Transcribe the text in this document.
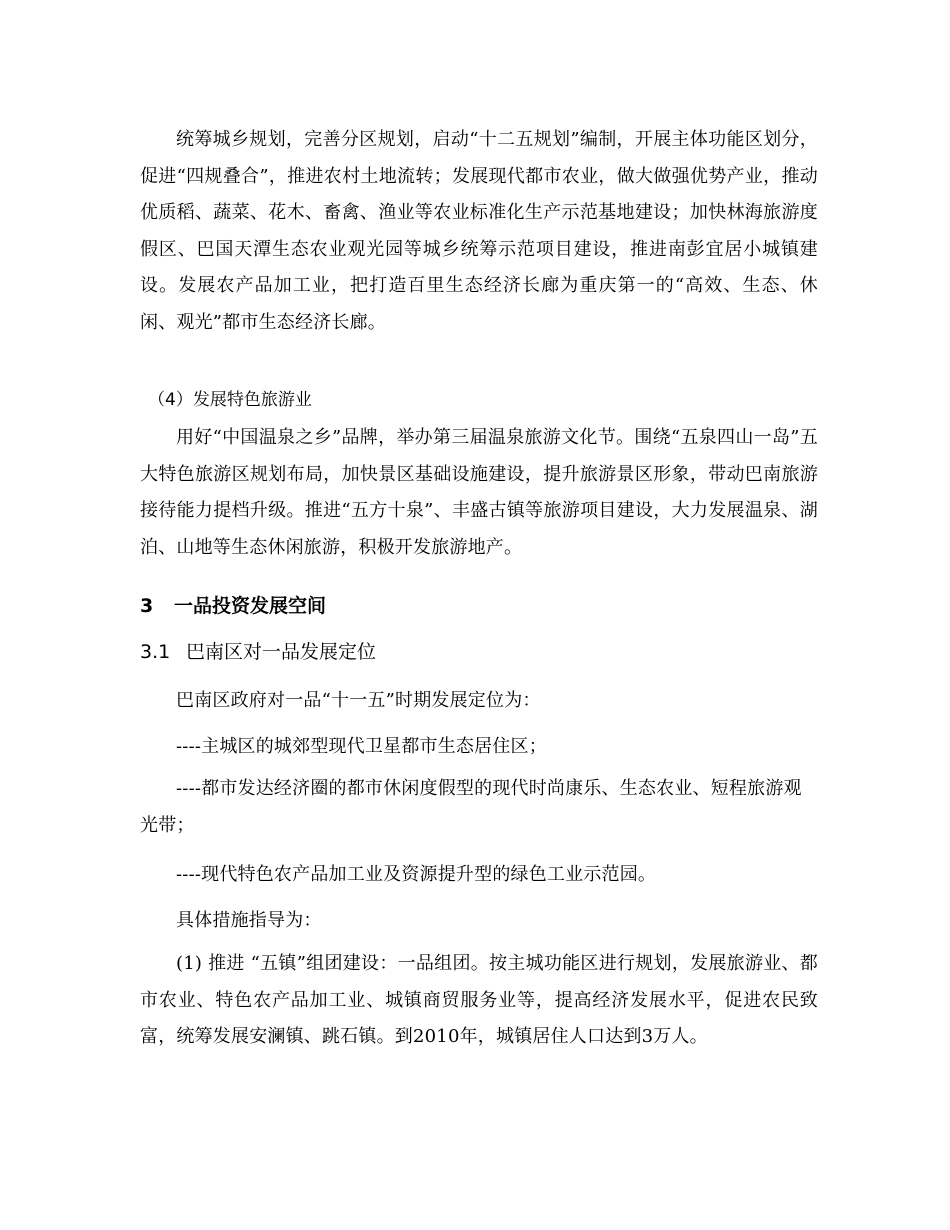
统筹城乡规划，完善分区规划，启动“十二五规划”编制，开展主体功能区划分，促进“四规叠合”，推进农村土地流转；发展现代都市农业，做大做强优势产业，推动优质稻、蔬菜、花木、畜禽、渔业等农业标准化生产示范基地建设；加快林海旅游度假区、巴国天潭生态农业观光园等城乡统筹示范项目建设，推进南彭宜居小城镇建设。发展农产品加工业，把打造百里生态经济长廊为重庆第一的“高效、生态、休闲、观光”都市生态经济长廊。

（4）发展特色旅游业

用好“中国温泉之乡”品牌，举办第三届温泉旅游文化节。围绕“五泉四山一岛”五大特色旅游区规划布局，加快景区基础设施建设，提升旅游景区形象，带动巴南旅游接待能力提档升级。推进“五方十泉”、丰盛古镇等旅游项目建设，大力发展温泉、湖泊、山地等生态休闲旅游，积极开发旅游地产。

3 一品投资发展空间

3.1 巴南区对一品发展定位

巴南区政府对一品“十一五”时期发展定位为：

----主城区的城郊型现代卫星都市生态居住区；

----都市发达经济圈的都市休闲度假型的现代时尚康乐、生态农业、短程旅游观光带；

----现代特色农产品加工业及资源提升型的绿色工业示范园。

具体措施指导为：

(1) 推进 “五镇”组团建设：一品组团。按主城功能区进行规划，发展旅游业、都市农业、特色农产品加工业、城镇商贸服务业等，提高经济发展水平，促进农民致富，统筹发展安澜镇、跳石镇。到2010年，城镇居住人口达到3万人。
